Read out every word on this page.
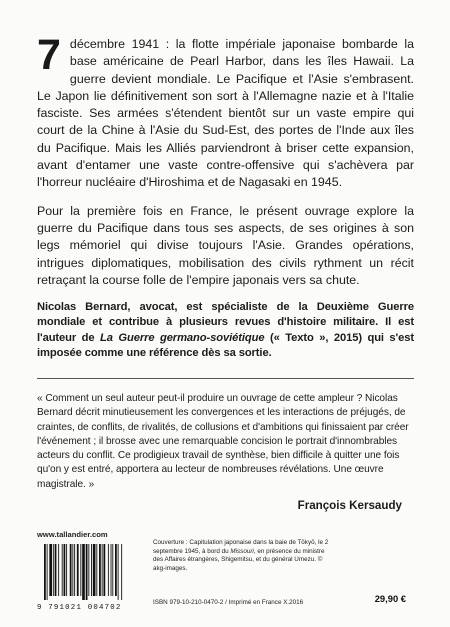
7 décembre 1941 : la flotte impériale japonaise bombarde la base américaine de Pearl Harbor, dans les îles Hawaii. La guerre devient mondiale. Le Pacifique et l'Asie s'embrasent. Le Japon lie définitivement son sort à l'Allemagne nazie et à l'Italie fasciste. Ses armées s'étendent bientôt sur un vaste empire qui court de la Chine à l'Asie du Sud-Est, des portes de l'Inde aux îles du Pacifique. Mais les Alliés parviendront à briser cette expansion, avant d'entamer une vaste contre-offensive qui s'achèvera par l'horreur nucléaire d'Hiroshima et de Nagasaki en 1945.

Pour la première fois en France, le présent ouvrage explore la guerre du Pacifique dans tous ses aspects, de ses origines à son legs mémoriel qui divise toujours l'Asie. Grandes opérations, intrigues diplomatiques, mobilisation des civils rythment un récit retraçant la course folle de l'empire japonais vers sa chute.

Nicolas Bernard, avocat, est spécialiste de la Deuxième Guerre mondiale et contribue à plusieurs revues d'histoire militaire. Il est l'auteur de La Guerre germano-soviétique (« Texto », 2015) qui s'est imposée comme une référence dès sa sortie.

« Comment un seul auteur peut-il produire un ouvrage de cette ampleur ? Nicolas Bernard décrit minutieusement les convergences et les interactions de préjugés, de craintes, de conflits, de rivalités, de collusions et d'ambitions qui finissaient par créer l'événement ; il brosse avec une remarquable concision le portrait d'innombrables acteurs du conflit. Ce prodigieux travail de synthèse, bien difficile à quitter une fois qu'on y est entré, apportera au lecteur de nombreuses révélations. Une œuvre magistrale. »

François Kersaudy
www.tallandier.com
9 791021 004702
Couverture : Capitulation japonaise dans la baie de Tōkyō, le 2 septembre 1945, à bord du Missouri, en présence du ministre des Affaires étrangères, Shigemitsu, et du général Umezu. © akg-images.
ISBN 979-10-210-0470-2 / Imprimé en France X.2016	29,90 €
